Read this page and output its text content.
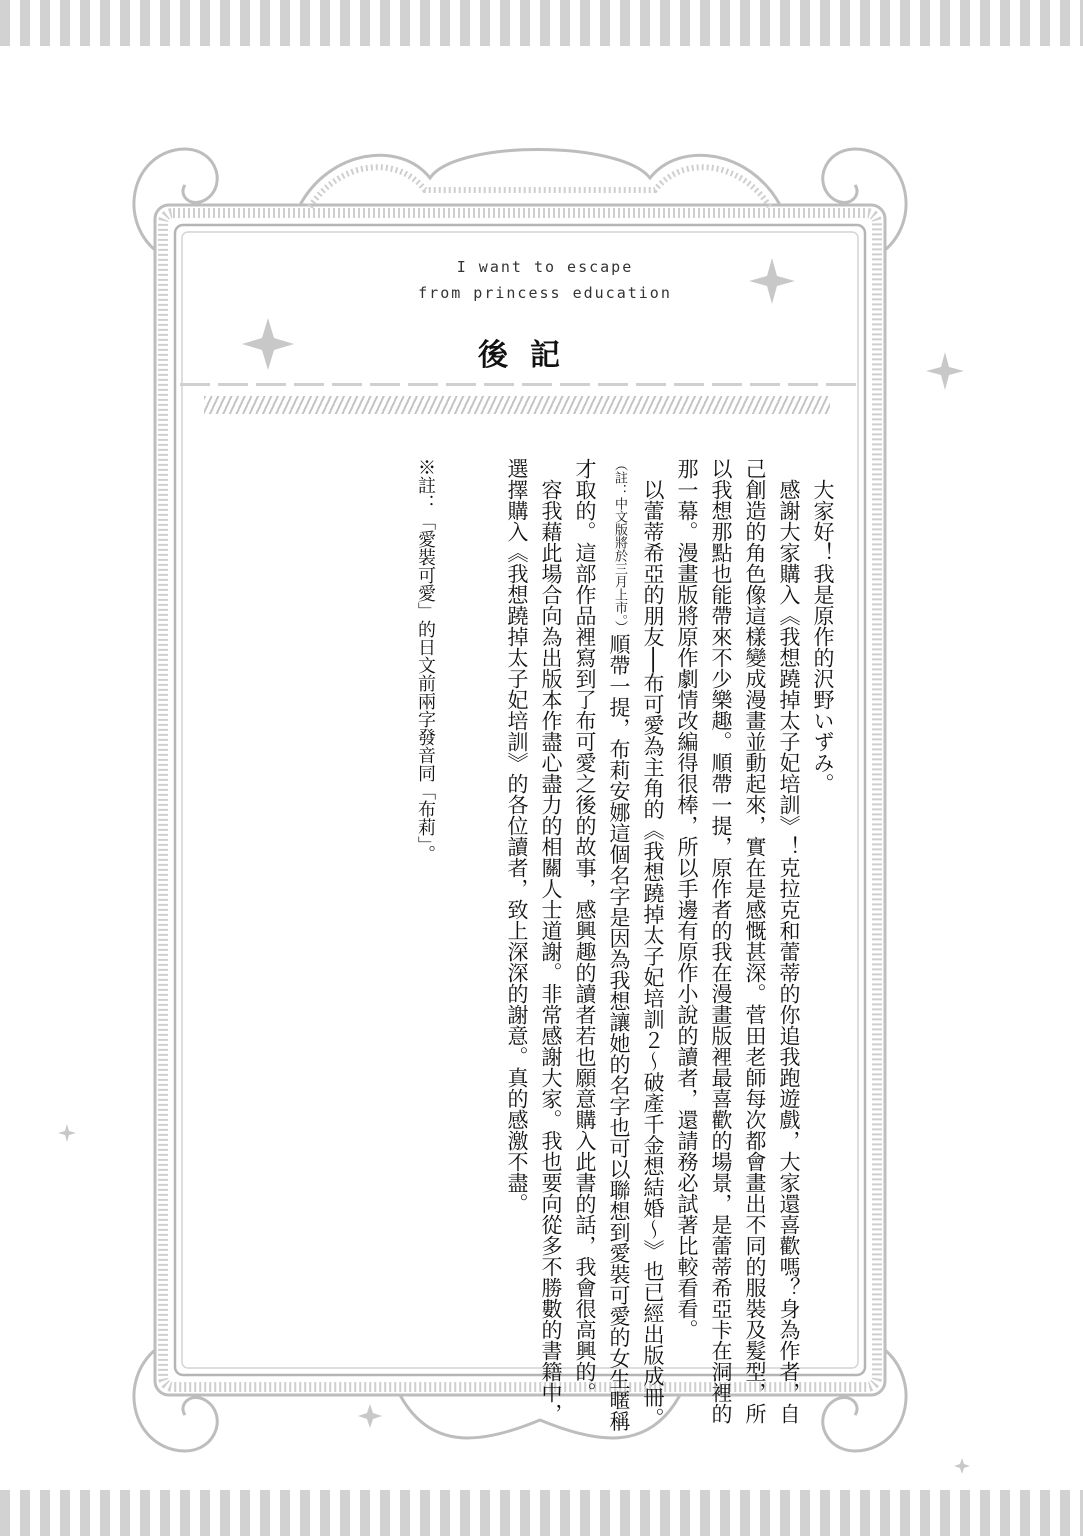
I want to escape
from princess education
後記

大家好！我是原作的沢野いずみ。

感謝大家購入《我想蹺掉太子妃培訓》！克拉克和蕾蒂的你追我跑遊戲，大家還喜歡嗎？身為作者，自己創造的角色像這樣變成漫畫並動起來，實在是感慨甚深。菅田老師每次都會畫出不同的服裝及髮型，所以我想那點也能帶來不少樂趣。順帶一提，原作者的我在漫畫版裡最喜歡的場景，是蕾蒂希亞卡在洞裡的那一幕。漫畫版將原作劇情改編得很棒，所以手邊有原作小說的讀者，還請務必試著比較看看。

以蕾蒂希亞的朋友──布可愛為主角的《我想蹺掉太子妃培訓２～破產千金想結婚～》也已經出版成冊。（註：中文版將於三月上市。）順帶一提，布莉安娜這個名字是因為我想讓她的名字也可以聯想到愛裝可愛的女生暱稱才取的。這部作品裡寫到了布可愛之後的故事，感興趣的讀者若也願意購入此書的話，我會很高興的。

容我藉此場合向為出版本作盡心盡力的相關人士道謝。非常感謝大家。我也要向從多不勝數的書籍中，選擇購入《我想蹺掉太子妃培訓》的各位讀者，致上深深的謝意。真的感激不盡。

※註：「愛裝可愛」的日文前兩字發音同「布莉」。
